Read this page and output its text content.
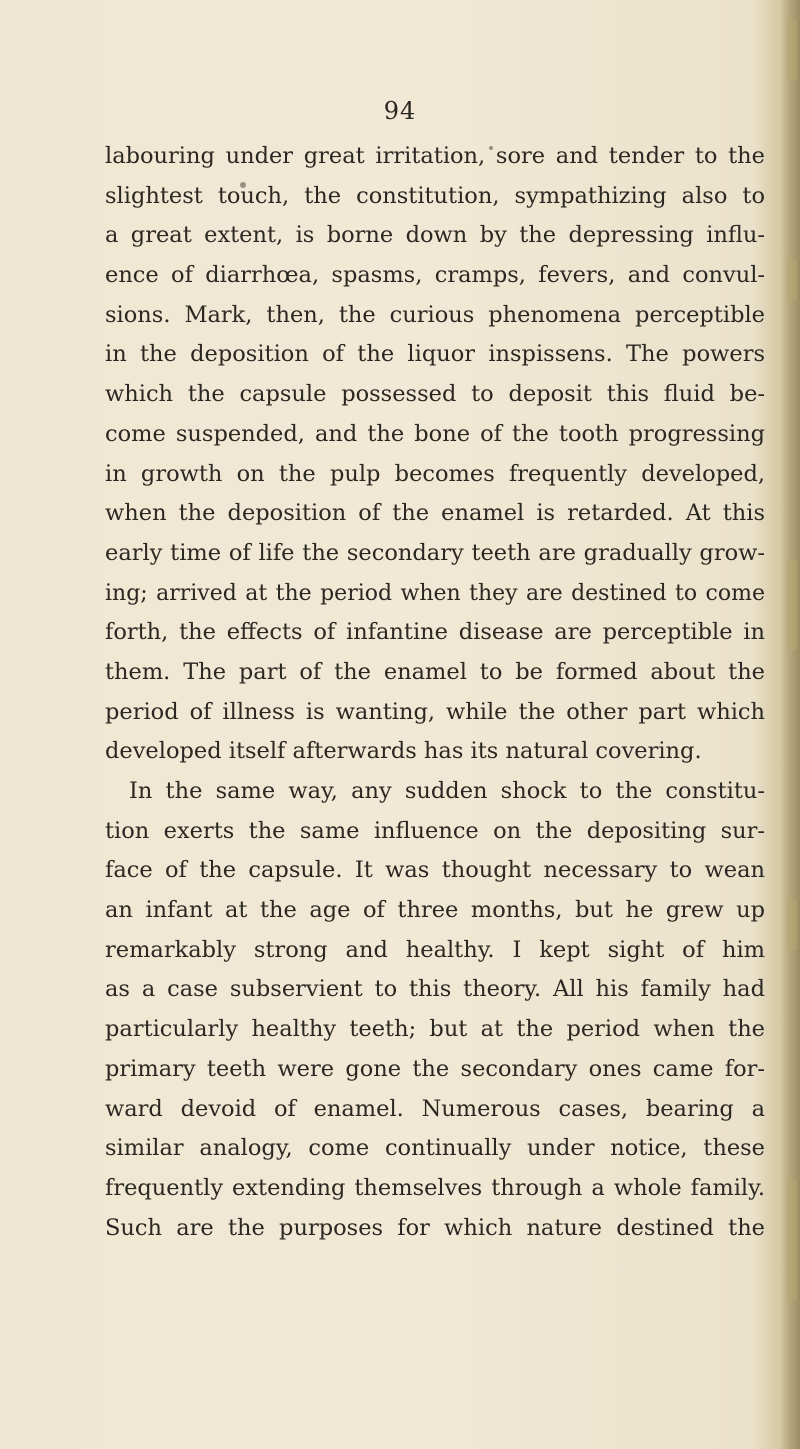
94
labouring under great irritation, sore and tender to the
slightest touch, the constitution, sympathizing also to
a great extent, is borne down by the depressing influ-
ence of diarrhœa, spasms, cramps, fevers, and convul-
sions. Mark, then, the curious phenomena perceptible
in the deposition of the liquor inspissens. The powers
which the capsule possessed to deposit this fluid be-
come suspended, and the bone of the tooth progressing
in growth on the pulp becomes frequently developed,
when the deposition of the enamel is retarded. At this
early time of life the secondary teeth are gradually grow-
ing; arrived at the period when they are destined to come
forth, the effects of infantine disease are perceptible in
them. The part of the enamel to be formed about the
period of illness is wanting, while the other part which
developed itself afterwards has its natural covering.
In the same way, any sudden shock to the constitu-
tion exerts the same influence on the depositing sur-
face of the capsule. It was thought necessary to wean
an infant at the age of three months, but he grew up
remarkably strong and healthy. I kept sight of him
as a case subservient to this theory. All his family had
particularly healthy teeth; but at the period when the
primary teeth were gone the secondary ones came for-
ward devoid of enamel. Numerous cases, bearing a
similar analogy, come continually under notice, these
frequently extending themselves through a whole family.
Such are the purposes for which nature destined the
